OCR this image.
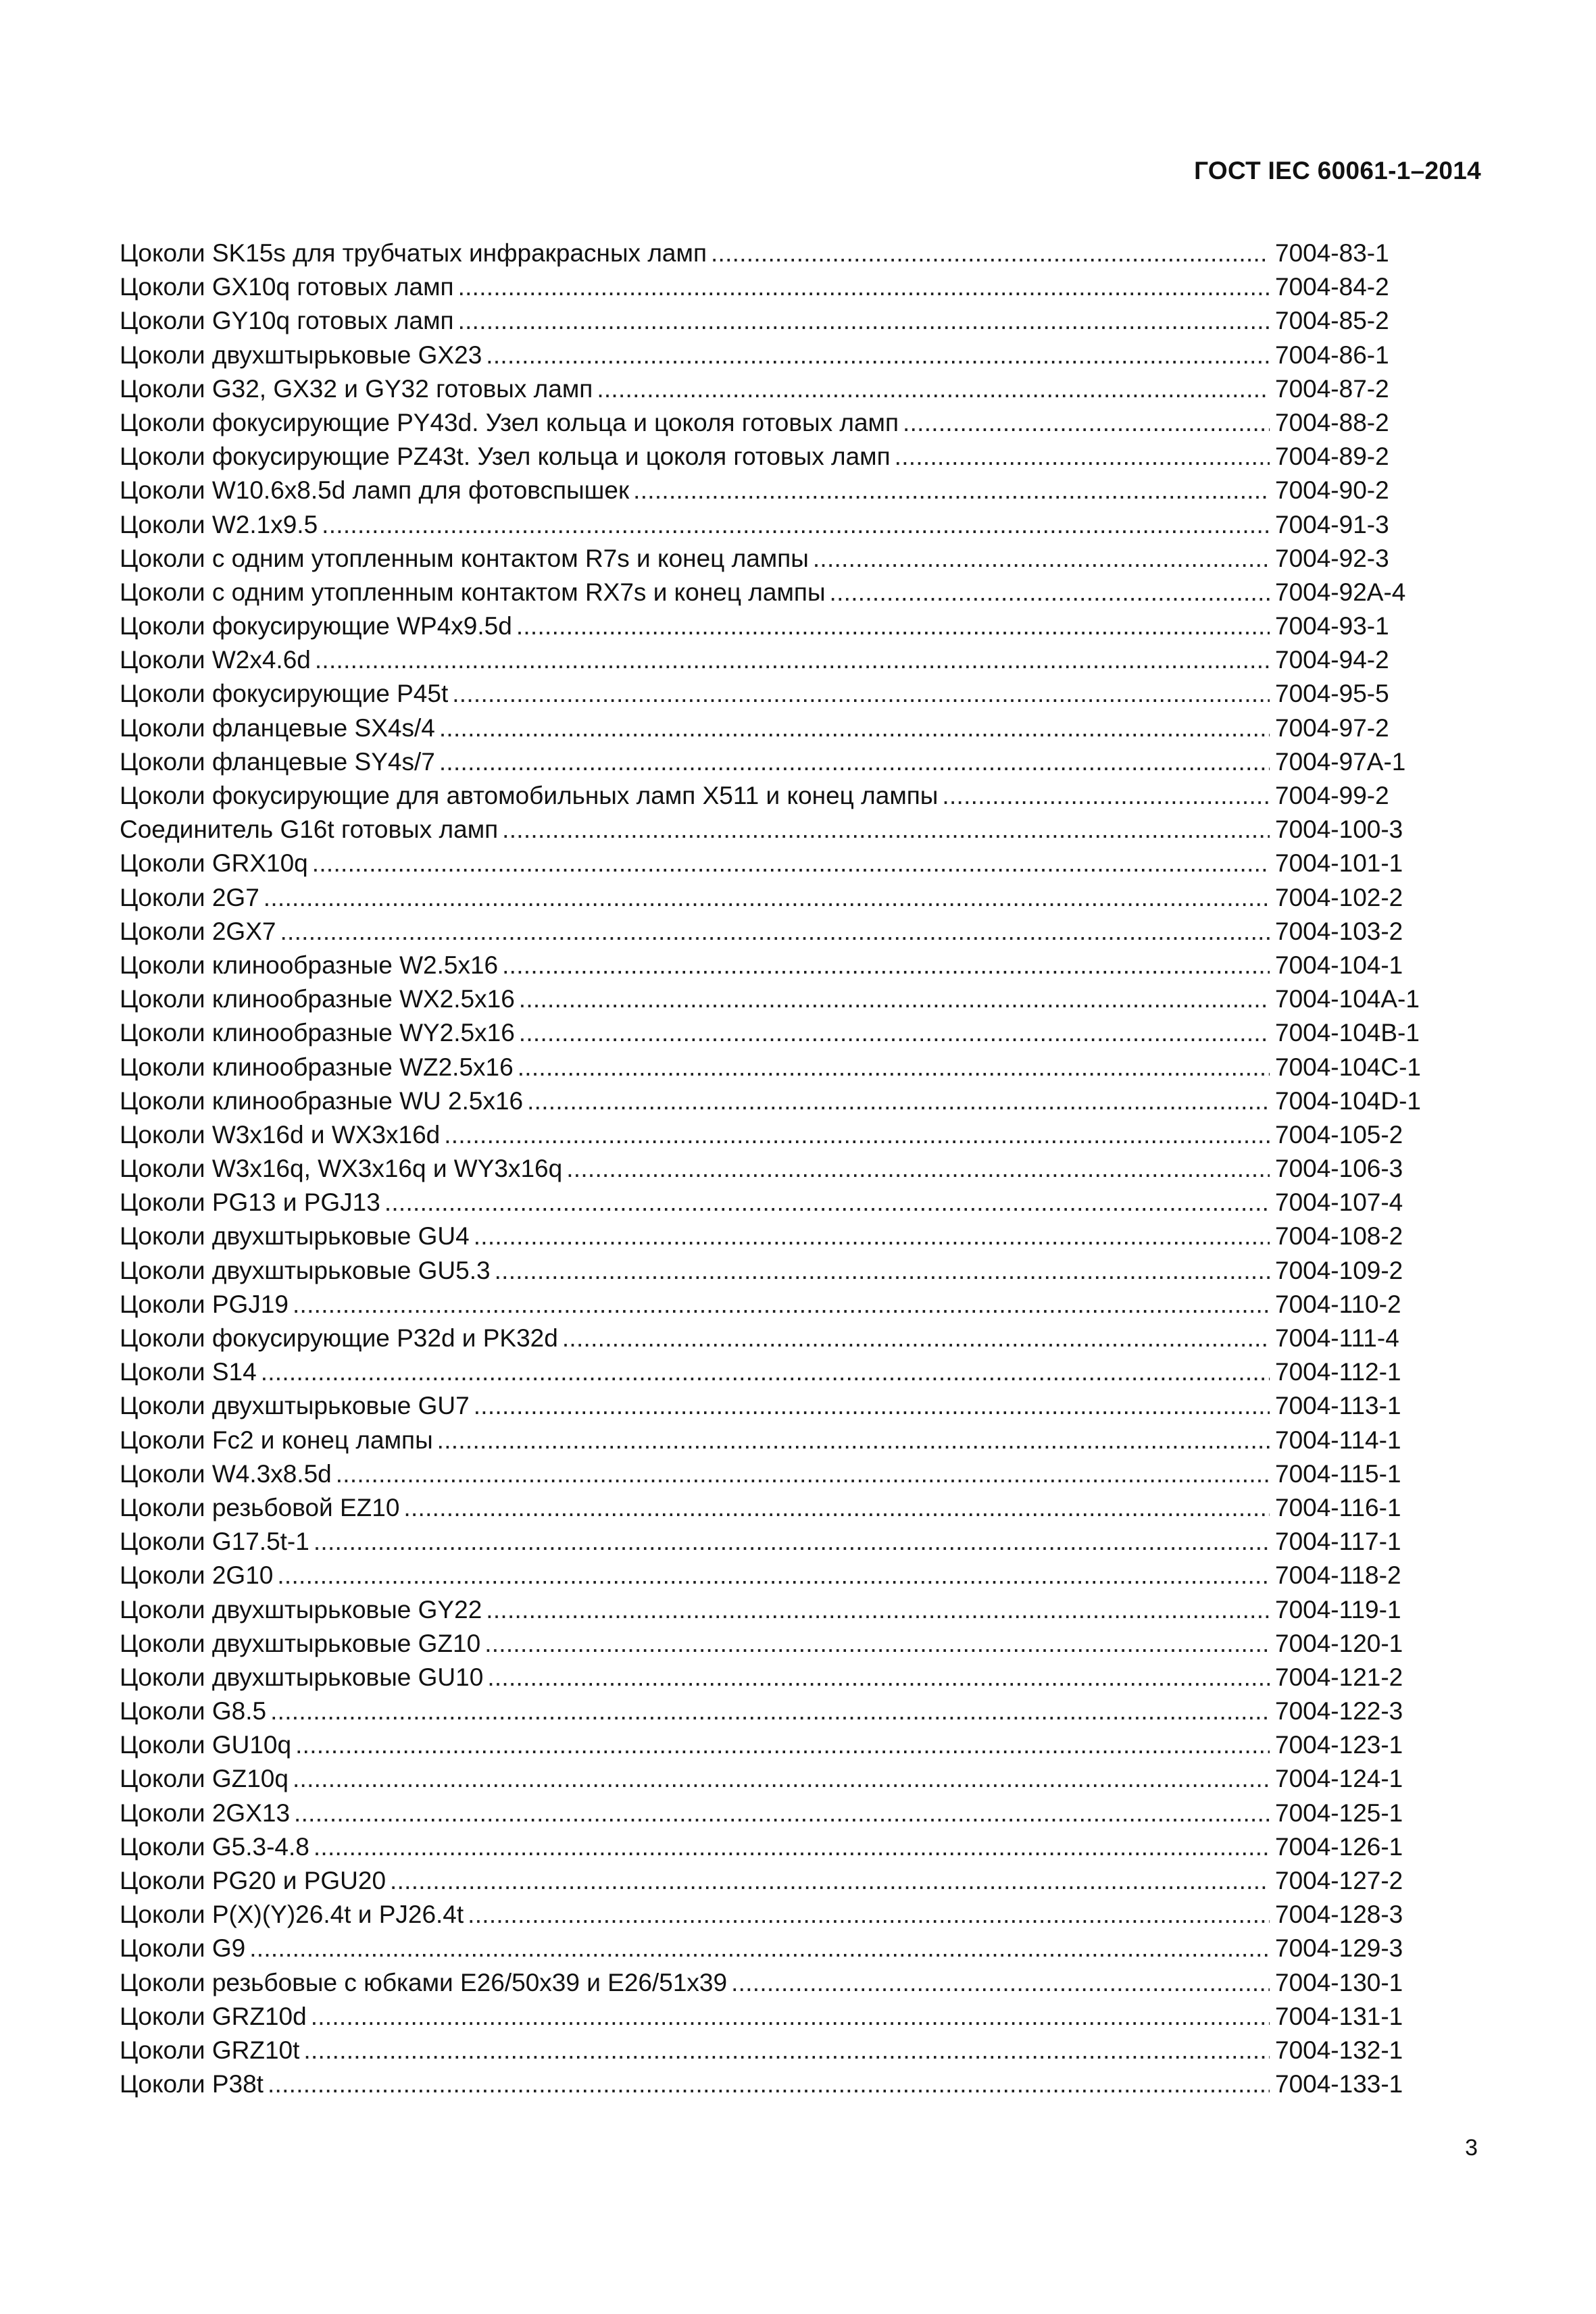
ГОСТ IEC 60061-1–2014
Цоколи SK15s для трубчатых инфракрасных ламп . . .	7004-83-1
Цоколи GX10q готовых ламп . . .	7004-84-2
Цоколи GY10q готовых ламп . . .	7004-85-2
Цоколи двухштырьковые GX23 . . .	7004-86-1
Цоколи G32, GX32 и GY32 готовых ламп . . .	7004-87-2
Цоколи фокусирующие PY43d. Узел кольца и цоколя готовых ламп . . .	7004-88-2
Цоколи фокусирующие PZ43t. Узел кольца и цоколя готовых ламп . . .	7004-89-2
Цоколи W10.6x8.5d ламп для фотовспышек . . .	7004-90-2
Цоколи W2.1x9.5 . . .	7004-91-3
Цоколи с одним утопленным контактом R7s и конец лампы . . .	7004-92-3
Цоколи с одним утопленным контактом RX7s и конец лампы . . .	7004-92A-4
Цоколи фокусирующие WP4x9.5d . . .	7004-93-1
Цоколи W2x4.6d . . .	7004-94-2
Цоколи фокусирующие P45t . . .	7004-95-5
Цоколи фланцевые SX4s/4 . . .	7004-97-2
Цоколи фланцевые SY4s/7 . . .	7004-97A-1
Цоколи фокусирующие для автомобильных ламп X511 и конец лампы . . .	7004-99-2
Соединитель G16t готовых ламп . . .	7004-100-3
Цоколи GRX10q . . .	7004-101-1
Цоколи 2G7 . . .	7004-102-2
Цоколи 2GX7 . . .	7004-103-2
Цоколи клинообразные W2.5x16 . . .	7004-104-1
Цоколи клинообразные WX2.5x16 . . .	7004-104A-1
Цоколи клинообразные WY2.5x16 . . .	7004-104B-1
Цоколи клинообразные WZ2.5x16 . . .	7004-104C-1
Цоколи клинообразные WU 2.5x16 . . .	7004-104D-1
Цоколи W3x16d и WX3x16d . . .	7004-105-2
Цоколи W3x16q, WX3x16q и WY3x16q . . .	7004-106-3
Цоколи PG13 и PGJ13 . . .	7004-107-4
Цоколи двухштырьковые GU4 . . .	7004-108-2
Цоколи двухштырьковые GU5.3 . . .	7004-109-2
Цоколи PGJ19 . . .	7004-110-2
Цоколи фокусирующие P32d и PK32d . . .	7004-111-4
Цоколи S14 . . .	7004-112-1
Цоколи двухштырьковые GU7 . . .	7004-113-1
Цоколи Fc2 и конец лампы . . .	7004-114-1
Цоколи W4.3x8.5d . . .	7004-115-1
Цоколи резьбовой EZ10 . . .	7004-116-1
Цоколи G17.5t-1 . . .	7004-117-1
Цоколи 2G10 . . .	7004-118-2
Цоколи двухштырьковые GY22 . . .	7004-119-1
Цоколи двухштырьковые GZ10 . . .	7004-120-1
Цоколи двухштырьковые GU10 . . .	7004-121-2
Цоколи G8.5 . . .	7004-122-3
Цоколи GU10q . . .	7004-123-1
Цоколи GZ10q . . .	7004-124-1
Цоколи 2GX13 . . .	7004-125-1
Цоколи G5.3-4.8 . . .	7004-126-1
Цоколи PG20 и PGU20 . . .	7004-127-2
Цоколи P(X)(Y)26.4t и PJ26.4t . . .	7004-128-3
Цоколи G9 . . .	7004-129-3
Цоколи резьбовые с юбками E26/50x39 и E26/51x39 . . .	7004-130-1
Цоколи GRZ10d . . .	7004-131-1
Цоколи GRZ10t . . .	7004-132-1
Цоколи P38t . . .	7004-133-1
3
